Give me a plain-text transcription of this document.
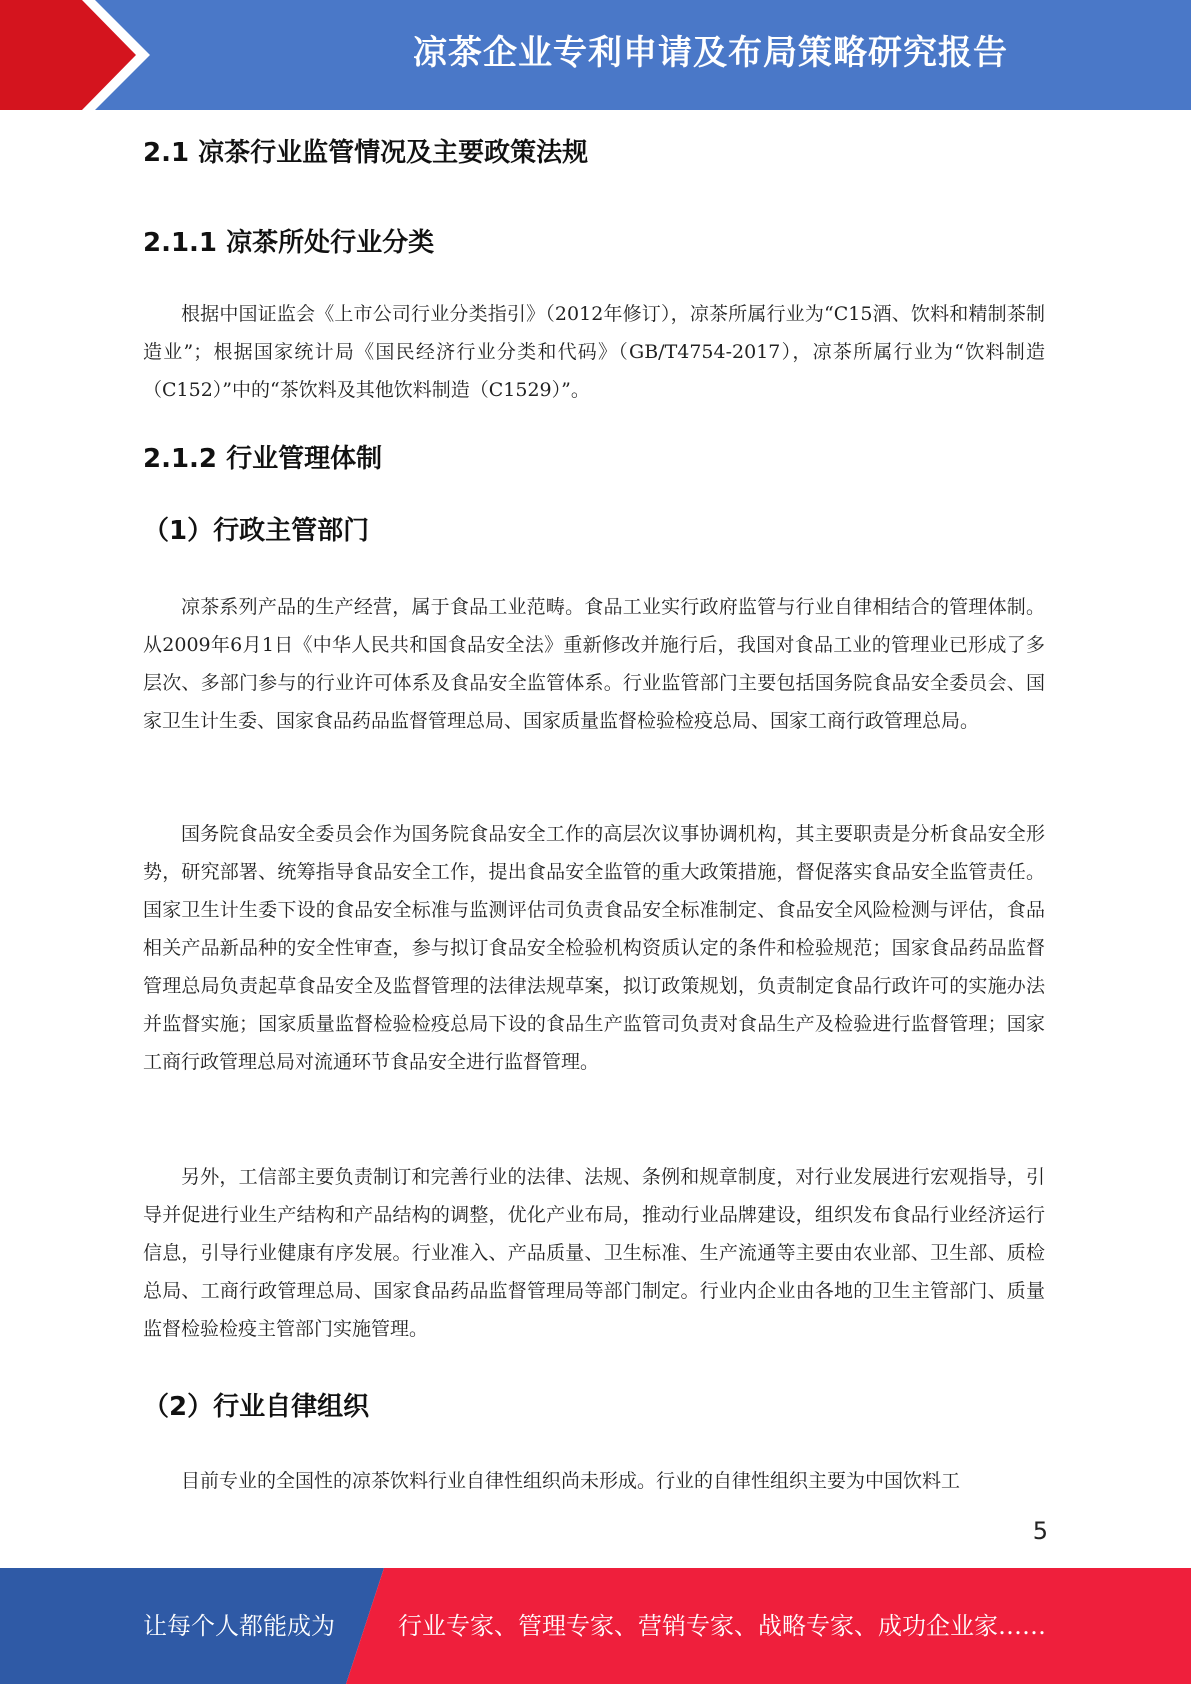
凉茶企业专利申请及布局策略研究报告
2.1 凉茶行业监管情况及主要政策法规
2.1.1 凉茶所处行业分类
根据中国证监会《上市公司行业分类指引》（2012年修订），凉茶所属行业为“C15酒、饮料和精制茶制造业”；根据国家统计局《国民经济行业分类和代码》（GB/T4754-2017），凉茶所属行业为“饮料制造（C152）”中的“茶饮料及其他饮料制造（C1529）”。
2.1.2 行业管理体制
（1）行政主管部门
凉茶系列产品的生产经营，属于食品工业范畴。食品工业实行政府监管与行业自律相结合的管理体制。从2009年6月1日《中华人民共和国食品安全法》重新修改并施行后，我国对食品工业的管理业已形成了多层次、多部门参与的行业许可体系及食品安全监管体系。行业监管部门主要包括国务院食品安全委员会、国家卫生计生委、国家食品药品监督管理总局、国家质量监督检验检疫总局、国家工商行政管理总局。
国务院食品安全委员会作为国务院食品安全工作的高层次议事协调机构，其主要职责是分析食品安全形势，研究部署、统筹指导食品安全工作，提出食品安全监管的重大政策措施，督促落实食品安全监管责任。国家卫生计生委下设的食品安全标准与监测评估司负责食品安全标准制定、食品安全风险检测与评估，食品相关产品新品种的安全性审查，参与拟订食品安全检验机构资质认定的条件和检验规范；国家食品药品监督管理总局负责起草食品安全及监督管理的法律法规草案，拟订政策规划，负责制定食品行政许可的实施办法并监督实施；国家质量监督检验检疫总局下设的食品生产监管司负责对食品生产及检验进行监督管理；国家工商行政管理总局对流通环节食品安全进行监督管理。
另外，工信部主要负责制订和完善行业的法律、法规、条例和规章制度，对行业发展进行宏观指导，引导并促进行业生产结构和产品结构的调整，优化产业布局，推动行业品牌建设，组织发布食品行业经济运行信息，引导行业健康有序发展。行业准入、产品质量、卫生标准、生产流通等主要由农业部、卫生部、质检总局、工商行政管理总局、国家食品药品监督管理局等部门制定。行业内企业由各地的卫生主管部门、质量监督检验检疫主管部门实施管理。
（2）行业自律组织
目前专业的全国性的凉茶饮料行业自律性组织尚未形成。行业的自律性组织主要为中国饮料工
5
让每个人都能成为	行业专家、管理专家、营销专家、战略专家、成功企业家……
